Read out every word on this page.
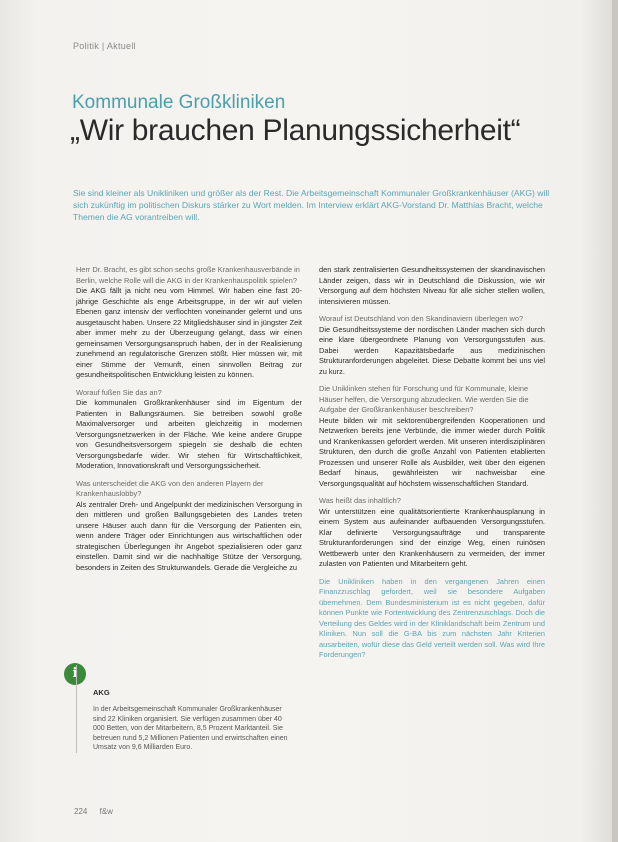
Politik | Aktuell
Kommunale Großkliniken
„Wir brauchen Planungssicherheit“
Sie sind kleiner als Unikliniken und größer als der Rest. Die Arbeitsgemeinschaft Kommunaler Großkrankenhäuser (AKG) will sich zukünftig im politischen Diskurs stärker zu Wort melden. Im Interview erklärt AKG-Vorstand Dr. Matthias Bracht, welche Themen die AG vorantreiben will.

Herr Dr. Bracht, es gibt schon sechs große Krankenhausverbände in Berlin, welche Rolle will die AKG in der Krankenhauspolitik spielen?

Die AKG fällt ja nicht neu vom Himmel. Wir haben eine fast 20-jährige Geschichte als enge Arbeitsgruppe, in der wir auf vielen Ebenen ganz intensiv der verflochten voneinander gelernt und uns ausgetauscht haben. Unsere 22 Mitgliedshäuser sind in jüngster Zeit aber immer mehr zu der Überzeugung gelangt, dass wir einen gemeinsamen Versorgungsanspruch haben, der in der Realisierung zunehmend an regulatorische Grenzen stößt. Hier müssen wir, mit einer Stimme der Vernunft, einen sinnvollen Beitrag zur gesundheitspolitischen Entwicklung leisten zu können.

Worauf fußen Sie das an?

Die kommunalen Großkrankenhäuser sind im Eigentum der Patienten in Ballungsräumen. Sie betreiben sowohl große Maximalversorger und arbeiten gleichzeitig in modernen Versorgungsnetzwerken in der Fläche. Wie keine andere Gruppe von Gesundheitsversorgern spiegeln sie deshalb die echten Versorgungsbedarfe wider. Wir stehen für Wirtschaftlichkeit, Moderation, Innovationskraft und Versorgungssicherheit.

Was unterscheidet die AKG von den anderen Playern der Krankenhauslobby?

Als zentraler Dreh- und Angelpunkt der medizinischen Versorgung in den mittleren und großen Ballungsgebieten des Landes treten unsere Häuser auch dann für die Versorgung der Patienten ein, wenn andere Träger oder Einrichtungen aus wirtschaftlichen oder strategischen Überlegungen ihr Angebot spezialisieren oder ganz einstellen. Damit sind wir die nachhaltige Stütze der Versorgung, besonders in Zeiten des Strukturwandels. Gerade die Vergleiche zu

den stark zentralisierten Gesundheitssystemen der skandinavischen Länder zeigen, dass wir in Deutschland die Diskussion, wie wir Versorgung auf dem höchsten Niveau für alle sicher stellen wollen, intensivieren müssen.

Worauf ist Deutschland von den Skandinaviern überlegen wo?

Die Gesundheitssysteme der nordischen Länder machen sich durch eine klare übergeordnete Planung von Versorgungsstufen aus. Dabei werden Kapazitätsbedarfe aus medizinischen Strukturanforderungen abgeleitet. Diese Debatte kommt bei uns viel zu kurz.

Die Uniklinken stehen für Forschung und für Kommunale, kleine Häuser helfen, die Versorgung abzudecken. Wie werden Sie die Aufgabe der Großkrankenhäuser beschreiben?

Heute bilden wir mit sektorenübergreifenden Kooperationen und Netzwerken bereits jene Verbünde, die immer wieder durch Politik und Krankenkassen gefordert werden. Mit unseren interdisziplinären Strukturen, den durch die große Anzahl von Patienten etablierten Prozessen und unserer Rolle als Ausbilder, weit über den eigenen Bedarf hinaus, gewährleisten wir nachweisbar eine Versorgungsqualität auf höchstem wissenschaftlichen Standard.

Was heißt das inhaltlich?

Wir unterstützen eine qualitätsorientierte Krankenhausplanung in einem System aus aufeinander aufbauenden Versorgungsstufen. Klar definierte Versorgungsaufträge und transparente Strukturanforderungen sind der einzige Weg, einen ruinösen Wettbewerb unter den Krankenhäusern zu vermeiden, der immer zulasten von Patienten und Mitarbeitern geht.

Die Unikliniken haben in den vergangenen Jahren einen Finanzzuschlag gefordert, weil sie besondere Aufgaben übernehmen. Dem Bundesministerium ist es nicht gegeben, dafür können Punkte wie Fortentwicklung des Zentrenzuschlags. Doch die Verteilung des Geldes wird in der Kliniklandschaft beim Zentrum und Kliniken. Nun soll die G-BA bis zum nächsten Jahr Kriterien ausarbeiten, wofür diese das Geld verteilt werden soll. Was wird Ihre Forderungen?

i
AKG
In der Arbeitsgemeinschaft Kommunaler Großkrankenhäuser sind 22 Kliniken organisiert. Sie verfügen zusammen über 40 000 Betten, von der Mitarbeitern, 8,5 Prozent Marktanteil. Sie betreuen rund 5,2 Millionen Patienten und erwirtschaften einen Umsatz von 9,6 Milliarden Euro.
224 f&w
